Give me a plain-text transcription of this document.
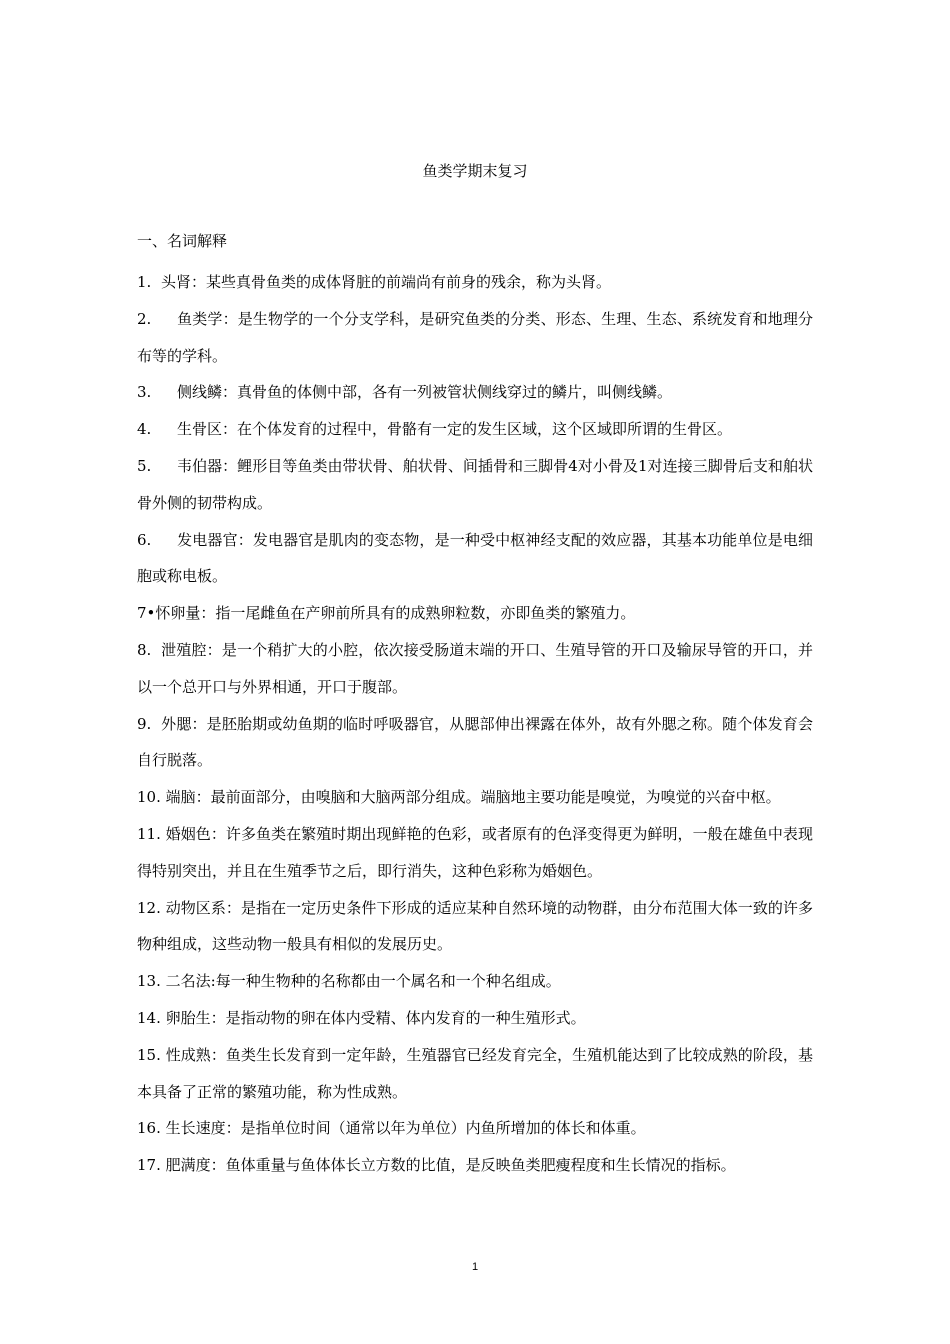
鱼类学期末复习
一、名词解释

1. 头肾：某些真骨鱼类的成体肾脏的前端尚有前身的残余，称为头肾。

2. 鱼类学：是生物学的一个分支学科，是研究鱼类的分类、形态、生理、生态、系统发育和地理分布等的学科。

3. 侧线鳞：真骨鱼的体侧中部，各有一列被管状侧线穿过的鳞片，叫侧线鳞。

4. 生骨区：在个体发育的过程中，骨骼有一定的发生区域，这个区域即所谓的生骨区。

5. 韦伯器：鲤形目等鱼类由带状骨、舶状骨、间插骨和三脚骨4对小骨及1对连接三脚骨后支和舶状骨外侧的韧带构成。

6. 发电器官：发电器官是肌肉的变态物，是一种受中枢神经支配的效应器，其基本功能单位是电细胞或称电板。

7•怀卵量：指一尾雌鱼在产卵前所具有的成熟卵粒数，亦即鱼类的繁殖力。

8. 泄殖腔：是一个稍扩大的小腔，依次接受肠道末端的开口、生殖导管的开口及输尿导管的开口，并以一个总开口与外界相通，开口于腹部。

9. 外腮：是胚胎期或幼鱼期的临时呼吸器官，从腮部伸出裸露在体外，故有外腮之称。随个体发育会自行脱落。

10. 端脑：最前面部分，由嗅脑和大脑两部分组成。端脑地主要功能是嗅觉，为嗅觉的兴奋中枢。

11. 婚姻色：许多鱼类在繁殖时期出现鲜艳的色彩，或者原有的色泽变得更为鲜明，一般在雄鱼中表现得特别突出，并且在生殖季节之后，即行消失，这种色彩称为婚姻色。

12. 动物区系：是指在一定历史条件下形成的适应某种自然环境的动物群，由分布范围大体一致的许多物种组成，这些动物一般具有相似的发展历史。

13. 二名法:每一种生物种的名称都由一个属名和一个种名组成。

14. 卵胎生：是指动物的卵在体内受精、体内发育的一种生殖形式。

15. 性成熟：鱼类生长发育到一定年龄，生殖器官已经发育完全，生殖机能达到了比较成熟的阶段，基本具备了正常的繁殖功能，称为性成熟。

16. 生长速度：是指单位时间（通常以年为单位）内鱼所增加的体长和体重。

17. 肥满度：鱼体重量与鱼体体长立方数的比值，是反映鱼类肥瘦程度和生长情况的指标。

1
